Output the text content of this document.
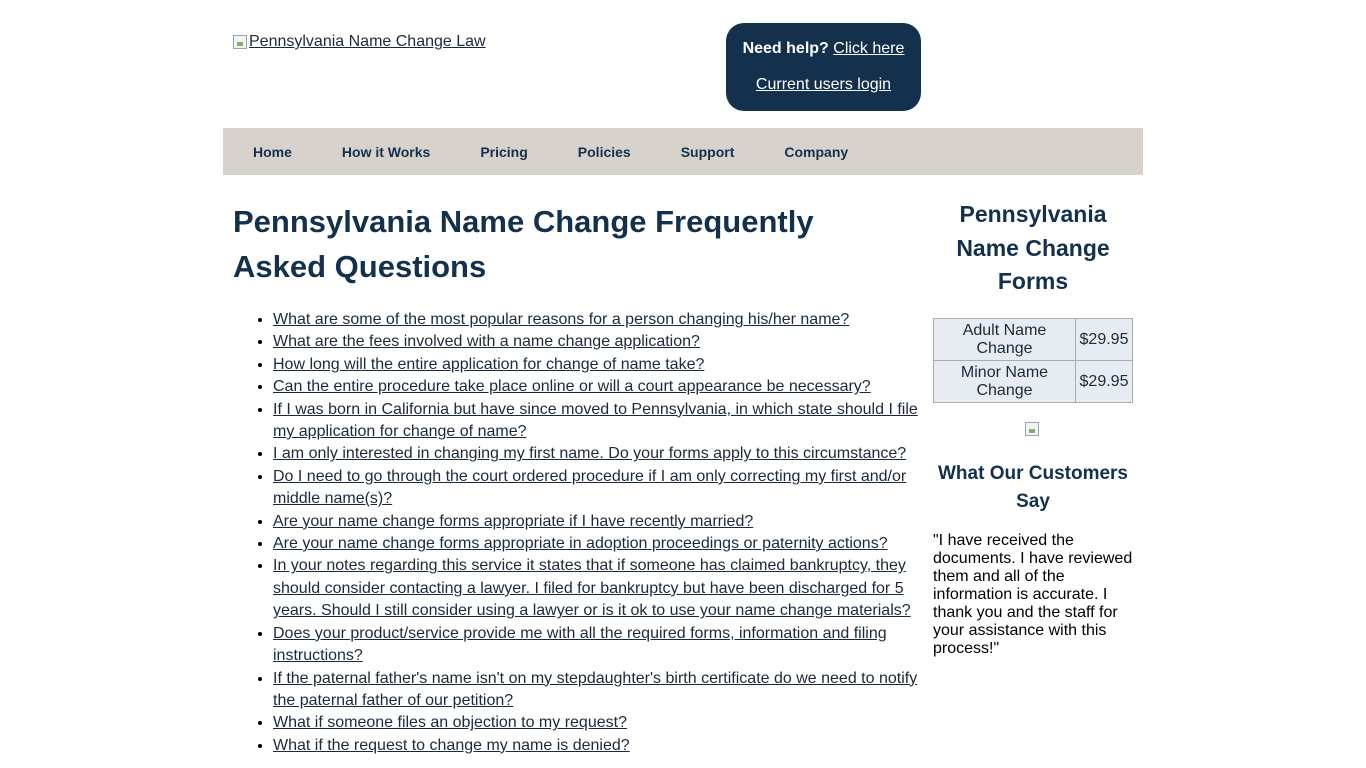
Pennsylvania Name Change Law	Need help? Click here
Current users login
Home	How it Works	Pricing	Policies	Support	Company
Pennsylvania Name Change Frequently Asked Questions
• What are some of the most popular reasons for a person changing his/her name?
• What are the fees involved with a name change application?
• How long will the entire application for change of name take?
• Can the entire procedure take place online or will a court appearance be necessary?
• If I was born in California but have since moved to Pennsylvania, in which state should I file my application for change of name?
• I am only interested in changing my first name. Do your forms apply to this circumstance?
• Do I need to go through the court ordered procedure if I am only correcting my first and/or middle name(s)?
• Are your name change forms appropriate if I have recently married?
• Are your name change forms appropriate in adoption proceedings or paternity actions?
• In your notes regarding this service it states that if someone has claimed bankruptcy, they should consider contacting a lawyer. I filed for bankruptcy but have been discharged for 5 years. Should I still consider using a lawyer or is it ok to use your name change materials?
• Does your product/service provide me with all the required forms, information and filing instructions?
• If the paternal father's name isn't on my stepdaughter's birth certificate do we need to notify the paternal father of our petition?
• What if someone files an objection to my request?
• What if the request to change my name is denied?
Pennsylvania Name Change Forms
Adult Name Change	$29.95
Minor Name Change	$29.95
What Our Customers Say

"I have received the documents. I have reviewed them and all of the information is accurate. I thank you and the staff for your assistance with this process!"
